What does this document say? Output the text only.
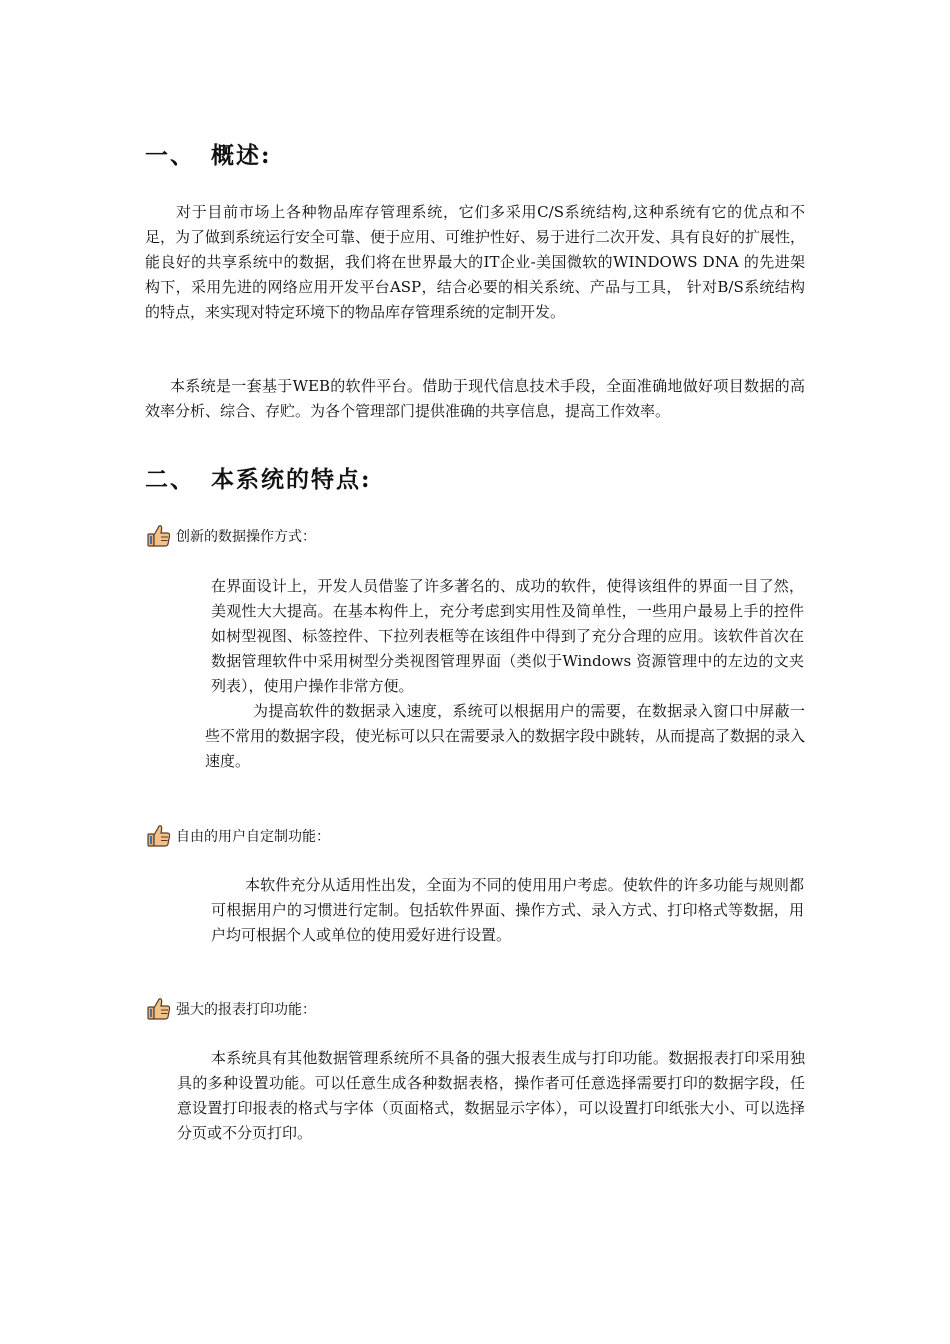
一、 概述:

对于目前市场上各种物品库存管理系统，它们多采用C/S系统结构,这种系统有它的优点和不足，为了做到系统运行安全可靠、便于应用、可维护性好、易于进行二次开发、具有良好的扩展性，能良好的共享系统中的数据，我们将在世界最大的IT企业-美国微软的WINDOWS DNA 的先进架构下，采用先进的网络应用开发平台ASP，结合必要的相关系统、产品与工具， 针对B/S系统结构的特点，来实现对特定环境下的物品库存管理系统的定制开发。

本系统是一套基于WEB的软件平台。借助于现代信息技术手段，全面准确地做好项目数据的高效率分析、综合、存贮。为各个管理部门提供准确的共享信息，提高工作效率。

二、 本系统的特点:
创新的数据操作方式：

在界面设计上，开发人员借鉴了许多著名的、成功的软件，使得该组件的界面一目了然，美观性大大提高。在基本构件上，充分考虑到实用性及简单性，一些用户最易上手的控件如树型视图、标签控件、下拉列表框等在该组件中得到了充分合理的应用。该软件首次在数据管理软件中采用树型分类视图管理界面（类似于Windows 资源管理中的左边的文夹列表），使用户操作非常方便。

为提高软件的数据录入速度，系统可以根据用户的需要，在数据录入窗口中屏蔽一些不常用的数据字段，使光标可以只在需要录入的数据字段中跳转，从而提高了数据的录入速度。

自由的用户自定制功能：

本软件充分从适用性出发，全面为不同的使用用户考虑。使软件的许多功能与规则都可根据用户的习惯进行定制。包括软件界面、操作方式、录入方式、打印格式等数据，用户均可根据个人或单位的使用爱好进行设置。

强大的报表打印功能：

本系统具有其他数据管理系统所不具备的强大报表生成与打印功能。数据报表打印采用独具的多种设置功能。可以任意生成各种数据表格，操作者可任意选择需要打印的数据字段，任意设置打印报表的格式与字体（页面格式，数据显示字体），可以设置打印纸张大小、可以选择分页或不分页打印。
